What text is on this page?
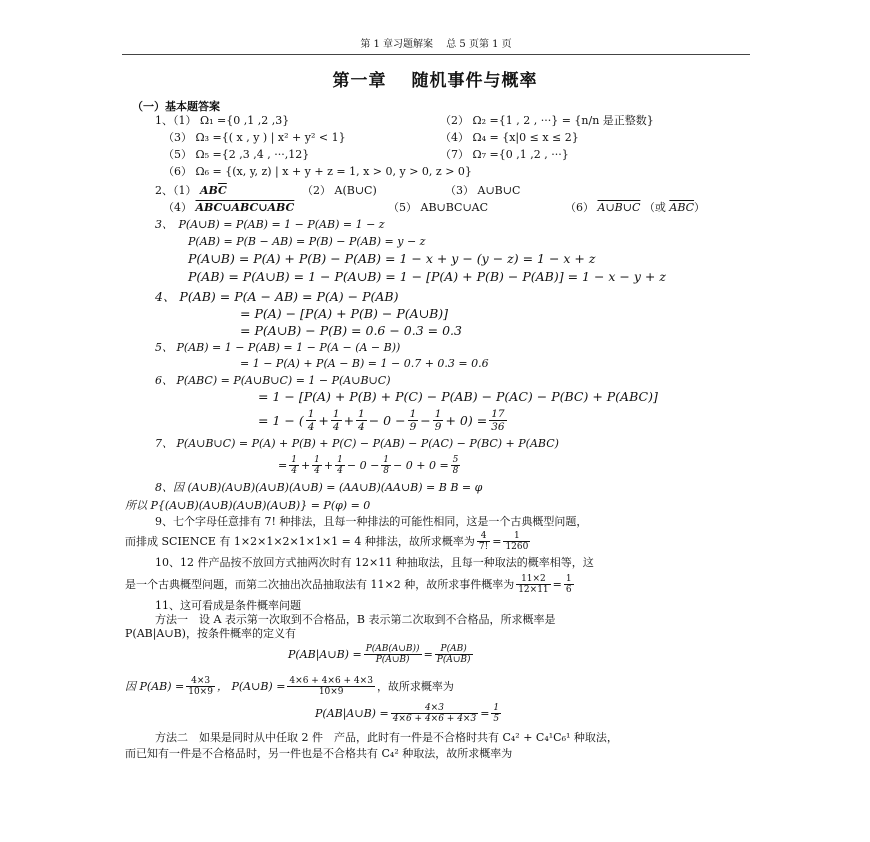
第 1 章习题解案 　总 5 页第 1 页
第一章　 随机事件与概率
（一）基本题答案
1、（1） Ω₁ ={0 ,1 ,2 ,3}	（2） Ω₂ ={1 , 2 , ···} = {n/n 是正整数}
（3） Ω₃ ={( x , y ) | x² + y² < 1}	（4） Ω₄ = {x|0 ≤ x ≤ 2}
（5） Ω₅ ={2 ,3 ,4 , ···,12}	（7） Ω₇ ={0 ,1 ,2 , ···}
（6） Ω₆ = {(x, y, z) | x + y + z = 1, x > 0, y > 0, z > 0}
2、（1） $AB\overline{C}$	（2） A(B∪C)	（3） A∪B∪C
（4） ABC∪ABC∪ABC	（5） AB∪BC∪AC	（6） A∪B∪C （或 $\overline{ABC}$）
3、　P(A∪B) = P(AB) = 1 − P(AB) = 1 − z
P(AB) = P(B − AB) = P(B) − P(AB) = y − z
P(A∪B) = P(A) + P(B) − P(AB) = 1 − x + y − (y − z) = 1 − x + z
P(AB) = P(A∪B) = 1 − P(A∪B) = 1 − [P(A) + P(B) − P(AB)] = 1 − x − y + z
4、 P(AB) = P(A − AB) = P(A) − P(AB)
= P(A) − [P(A) + P(B) − P(A∪B)]
= P(A∪B) − P(B) = 0.6 − 0.3 = 0.3
5、 P(AB) = 1 − P(AB) = 1 − P(A − (A − B))
= 1 − P(A) + P(A − B) = 1 − 0.7 + 0.3 = 0.6
6、 P(ABC) = P(A∪B∪C) = 1 − P(A∪B∪C)
= 1 − [P(A) + P(B) + P(C) − P(AB) − P(AC) − P(BC) + P(ABC)]
= 1 − ( $\frac{1}{4} + \frac{1}{4} + \frac{1}{4} - 0 - \frac{1}{9} - \frac{1}{9} + 0) = \frac{17}{36}$
7、 P(A∪B∪C) = P(A) + P(B) + P(C) − P(AB) − P(AC) − P(BC) + P(ABC)
= $\frac{1}{4} + \frac{1}{4} + \frac{1}{4} - 0 - \frac{1}{8} - 0 + 0 = \frac{5}{8}$
8、因 (A∪B)(A∪B)(A∪B)(A∪B) = (AA∪B)(AA∪B) = B B = φ
所以 P{(A∪B)(A∪B)(A∪B)(A∪B)} = P(φ) = 0
9、七个字母任意排有 7! 种排法，且每一种排法的可能性相同，这是一个古典概型问题，
而排成 SCIENCE 有 1×2×1×2×1×1×1 = 4 种排法，故所求概率为 $\frac{4}{7!} = \frac{1}{1260}$
10、12 件产品按不放回方式抽两次时有 12×11 种抽取法，且每一种取法的概率相等，这
是一个古典概型问题，而第二次抽出次品抽取法有 11×2 种，故所求事件概率为 $\frac{11\times 2}{12\times 11} = \frac{1}{6}$
11、这可看成是条件概率问题
方法一　设 A 表示第一次取到不合格品，B 表示第二次取到不合格品，所求概率是
P(AB|A∪B)，按条件概率的定义有
P(AB|A∪B) = $\frac{P(AB(A\cup B))}{P(A\cup B)} = \frac{P(AB)}{P(A\cup B)}$
因 $P(AB) = \frac{4\times 3}{10\times 9}$ ， P(A∪B) = $\frac{4\times 6 + 4\times 6 + 4\times 3}{10\times 9}$ ，故所求概率为
P(AB|A∪B) = $\frac{4\times 3}{4\times 6 + 4\times 6 + 4\times 3} = \frac{1}{5}$
方法二　如果是同时从中任取 2 件　产品，此时有一件是不合格时共有 C₄² + C₄¹C₆¹ 种取法，
而已知有一件是不合格品时，另一件也是不合格共有 C₄² 种取法，故所求概率为
